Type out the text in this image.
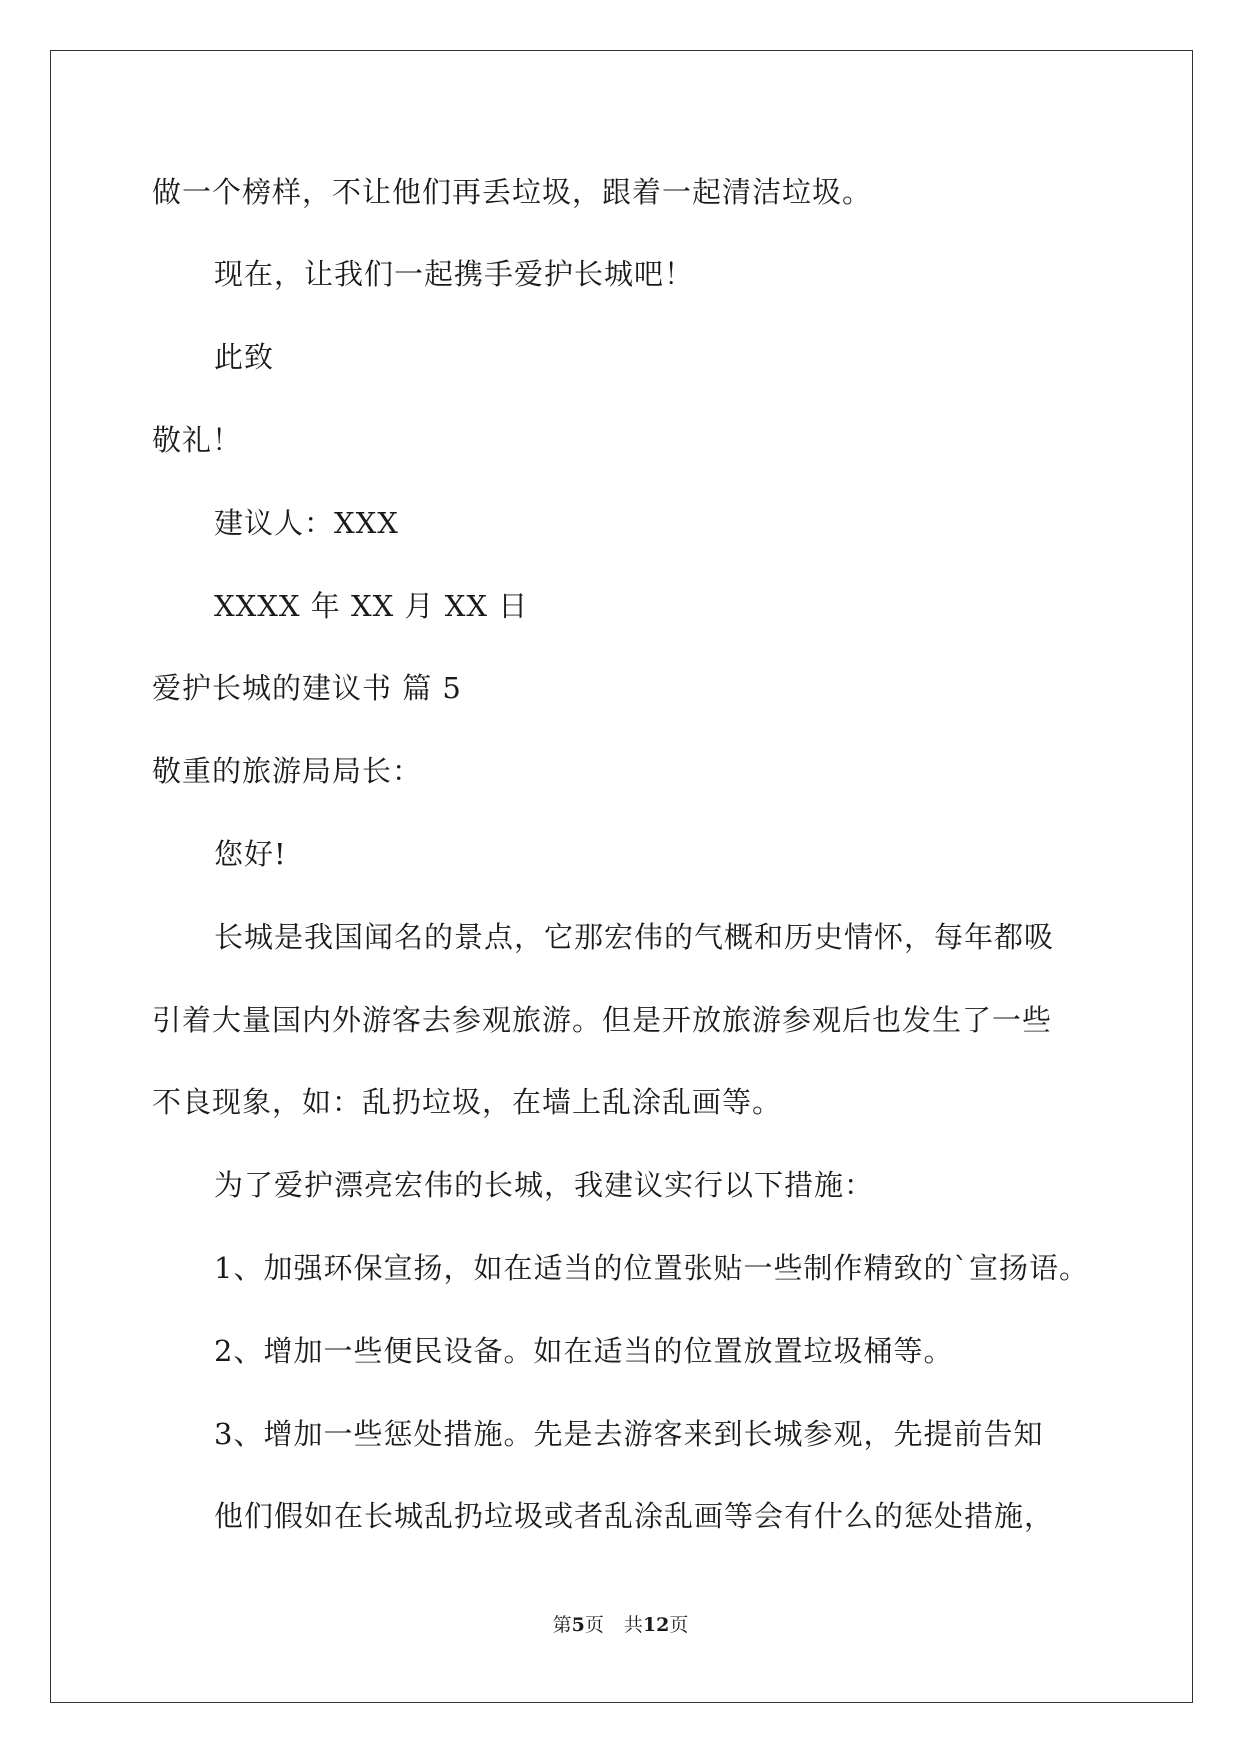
做一个榜样，不让他们再丢垃圾，跟着一起清洁垃圾。
现在，让我们一起携手爱护长城吧！
此致
敬礼！
建议人：XXX
XXXX 年 XX 月 XX 日
爱护长城的建议书 篇 5
敬重的旅游局局长：
您好!
长城是我国闻名的景点，它那宏伟的气概和历史情怀，每年都吸
引着大量国内外游客去参观旅游。但是开放旅游参观后也发生了一些
不良现象，如：乱扔垃圾，在墙上乱涂乱画等。
为了爱护漂亮宏伟的长城，我建议实行以下措施：
1、加强环保宣扬，如在适当的位置张贴一些制作精致的`宣扬语。
2、增加一些便民设备。如在适当的位置放置垃圾桶等。
3、增加一些惩处措施。先是去游客来到长城参观，先提前告知
他们假如在长城乱扔垃圾或者乱涂乱画等会有什么的惩处措施，
第5页 共12页
